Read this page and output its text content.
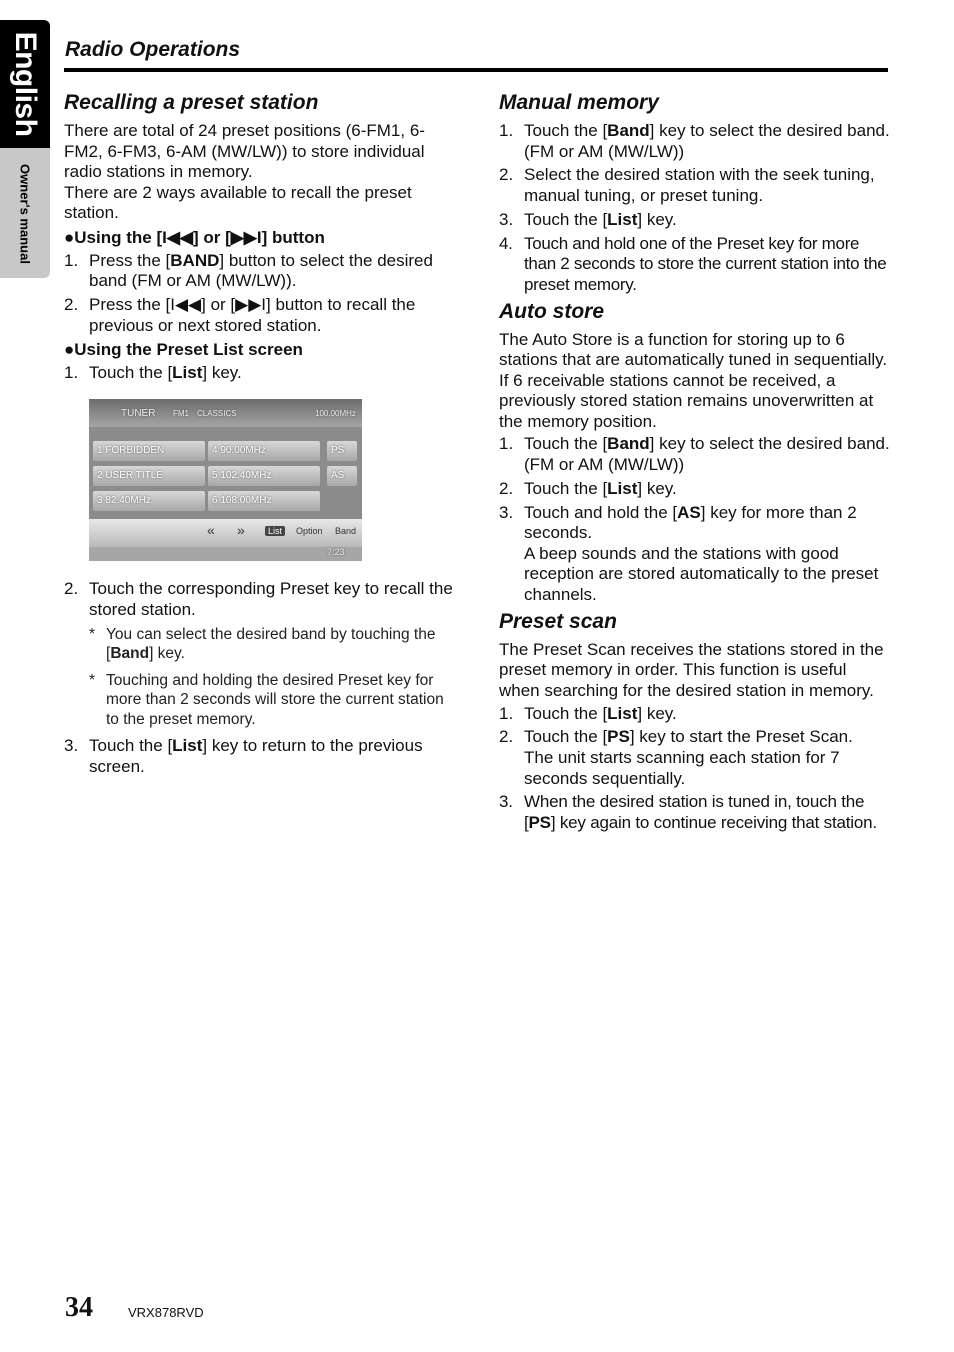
English
Owner's manual
Radio Operations
Recalling a preset station

There are total of 24 preset positions (6-FM1, 6-FM2, 6-FM3, 6-AM (MW/LW)) to store individual radio stations in memory.

There are 2 ways available to recall the preset station.

●Using the [I◀◀] or [▶▶I] button
1. Press the [BAND] button to select the desired band (FM or AM (MW/LW)).
2. Press the [I◀◀] or [▶▶I] button to recall the previous or next stored station.
●Using the Preset List screen
1. Touch the [List] key.
TUNER FM1 CLASSICS	100.00MHz
1 FORBIDDEN
2 USER TITLE
3 82.40MHz
4 90.00MHz
5 102.40MHz
6 108.00MHz
PS
AS
« »	List	Option Band
7:23
2. Touch the corresponding Preset key to recall the stored station.
* You can select the desired band by touching the [Band] key.
* Touching and holding the desired Preset key for more than 2 seconds will store the current station to the preset memory.
3. Touch the [List] key to return to the previous screen.
Manual memory
1. Touch the [Band] key to select the desired band. (FM or AM (MW/LW))
2. Select the desired station with the seek tuning, manual tuning, or preset tuning.
3. Touch the [List] key.
4. Touch and hold one of the Preset key for more than 2 seconds to store the current station into the preset memory.
Auto store

The Auto Store is a function for storing up to 6 stations that are automatically tuned in sequentially. If 6 receivable stations cannot be received, a previously stored station remains unoverwritten at the memory position.

1. Touch the [Band] key to select the desired band. (FM or AM (MW/LW))
2. Touch the [List] key.
3. Touch and hold the [AS] key for more than 2 seconds.
A beep sounds and the stations with good reception are stored automatically to the preset channels.
Preset scan

The Preset Scan receives the stations stored in the preset memory in order. This function is useful when searching for the desired station in memory.

1. Touch the [List] key.
2. Touch the [PS] key to start the Preset Scan.
The unit starts scanning each station for 7 seconds sequentially.
3. When the desired station is tuned in, touch the [PS] key again to continue receiving that station.
34	VRX878RVD
